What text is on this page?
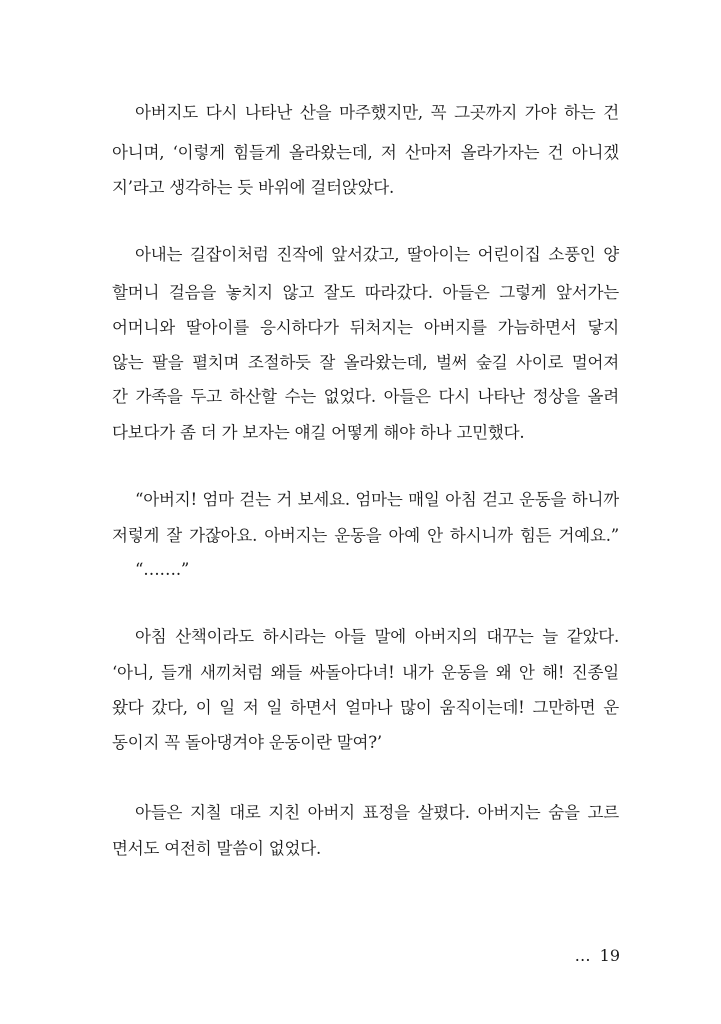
아버지도 다시 나타난 산을 마주했지만, 꼭 그곳까지 가야 하는 건
아니며, ‘이렇게 힘들게 올라왔는데, 저 산마저 올라가자는 건 아니겠
지’라고 생각하는 듯 바위에 걸터앉았다.
아내는 길잡이처럼 진작에 앞서갔고, 딸아이는 어린이집 소풍인 양
할머니 걸음을 놓치지 않고 잘도 따라갔다. 아들은 그렇게 앞서가는
어머니와 딸아이를 응시하다가 뒤처지는 아버지를 가늠하면서 닿지
않는 팔을 펼치며 조절하듯 잘 올라왔는데, 벌써 숲길 사이로 멀어져
간 가족을 두고 하산할 수는 없었다. 아들은 다시 나타난 정상을 올려
다보다가 좀 더 가 보자는 얘길 어떻게 해야 하나 고민했다.
“아버지! 엄마 걷는 거 보세요. 엄마는 매일 아침 걷고 운동을 하니까
저렇게 잘 가잖아요. 아버지는 운동을 아예 안 하시니까 힘든 거예요.”
“…….”
아침 산책이라도 하시라는 아들 말에 아버지의 대꾸는 늘 같았다.
‘아니, 들개 새끼처럼 왜들 싸돌아다녀! 내가 운동을 왜 안 해! 진종일
왔다 갔다, 이 일 저 일 하면서 얼마나 많이 움직이는데! 그만하면 운
동이지 꼭 돌아댕겨야 운동이란 말여?’
아들은 지칠 대로 지친 아버지 표정을 살폈다. 아버지는 숨을 고르
면서도 여전히 말씀이 없었다.
… 19
